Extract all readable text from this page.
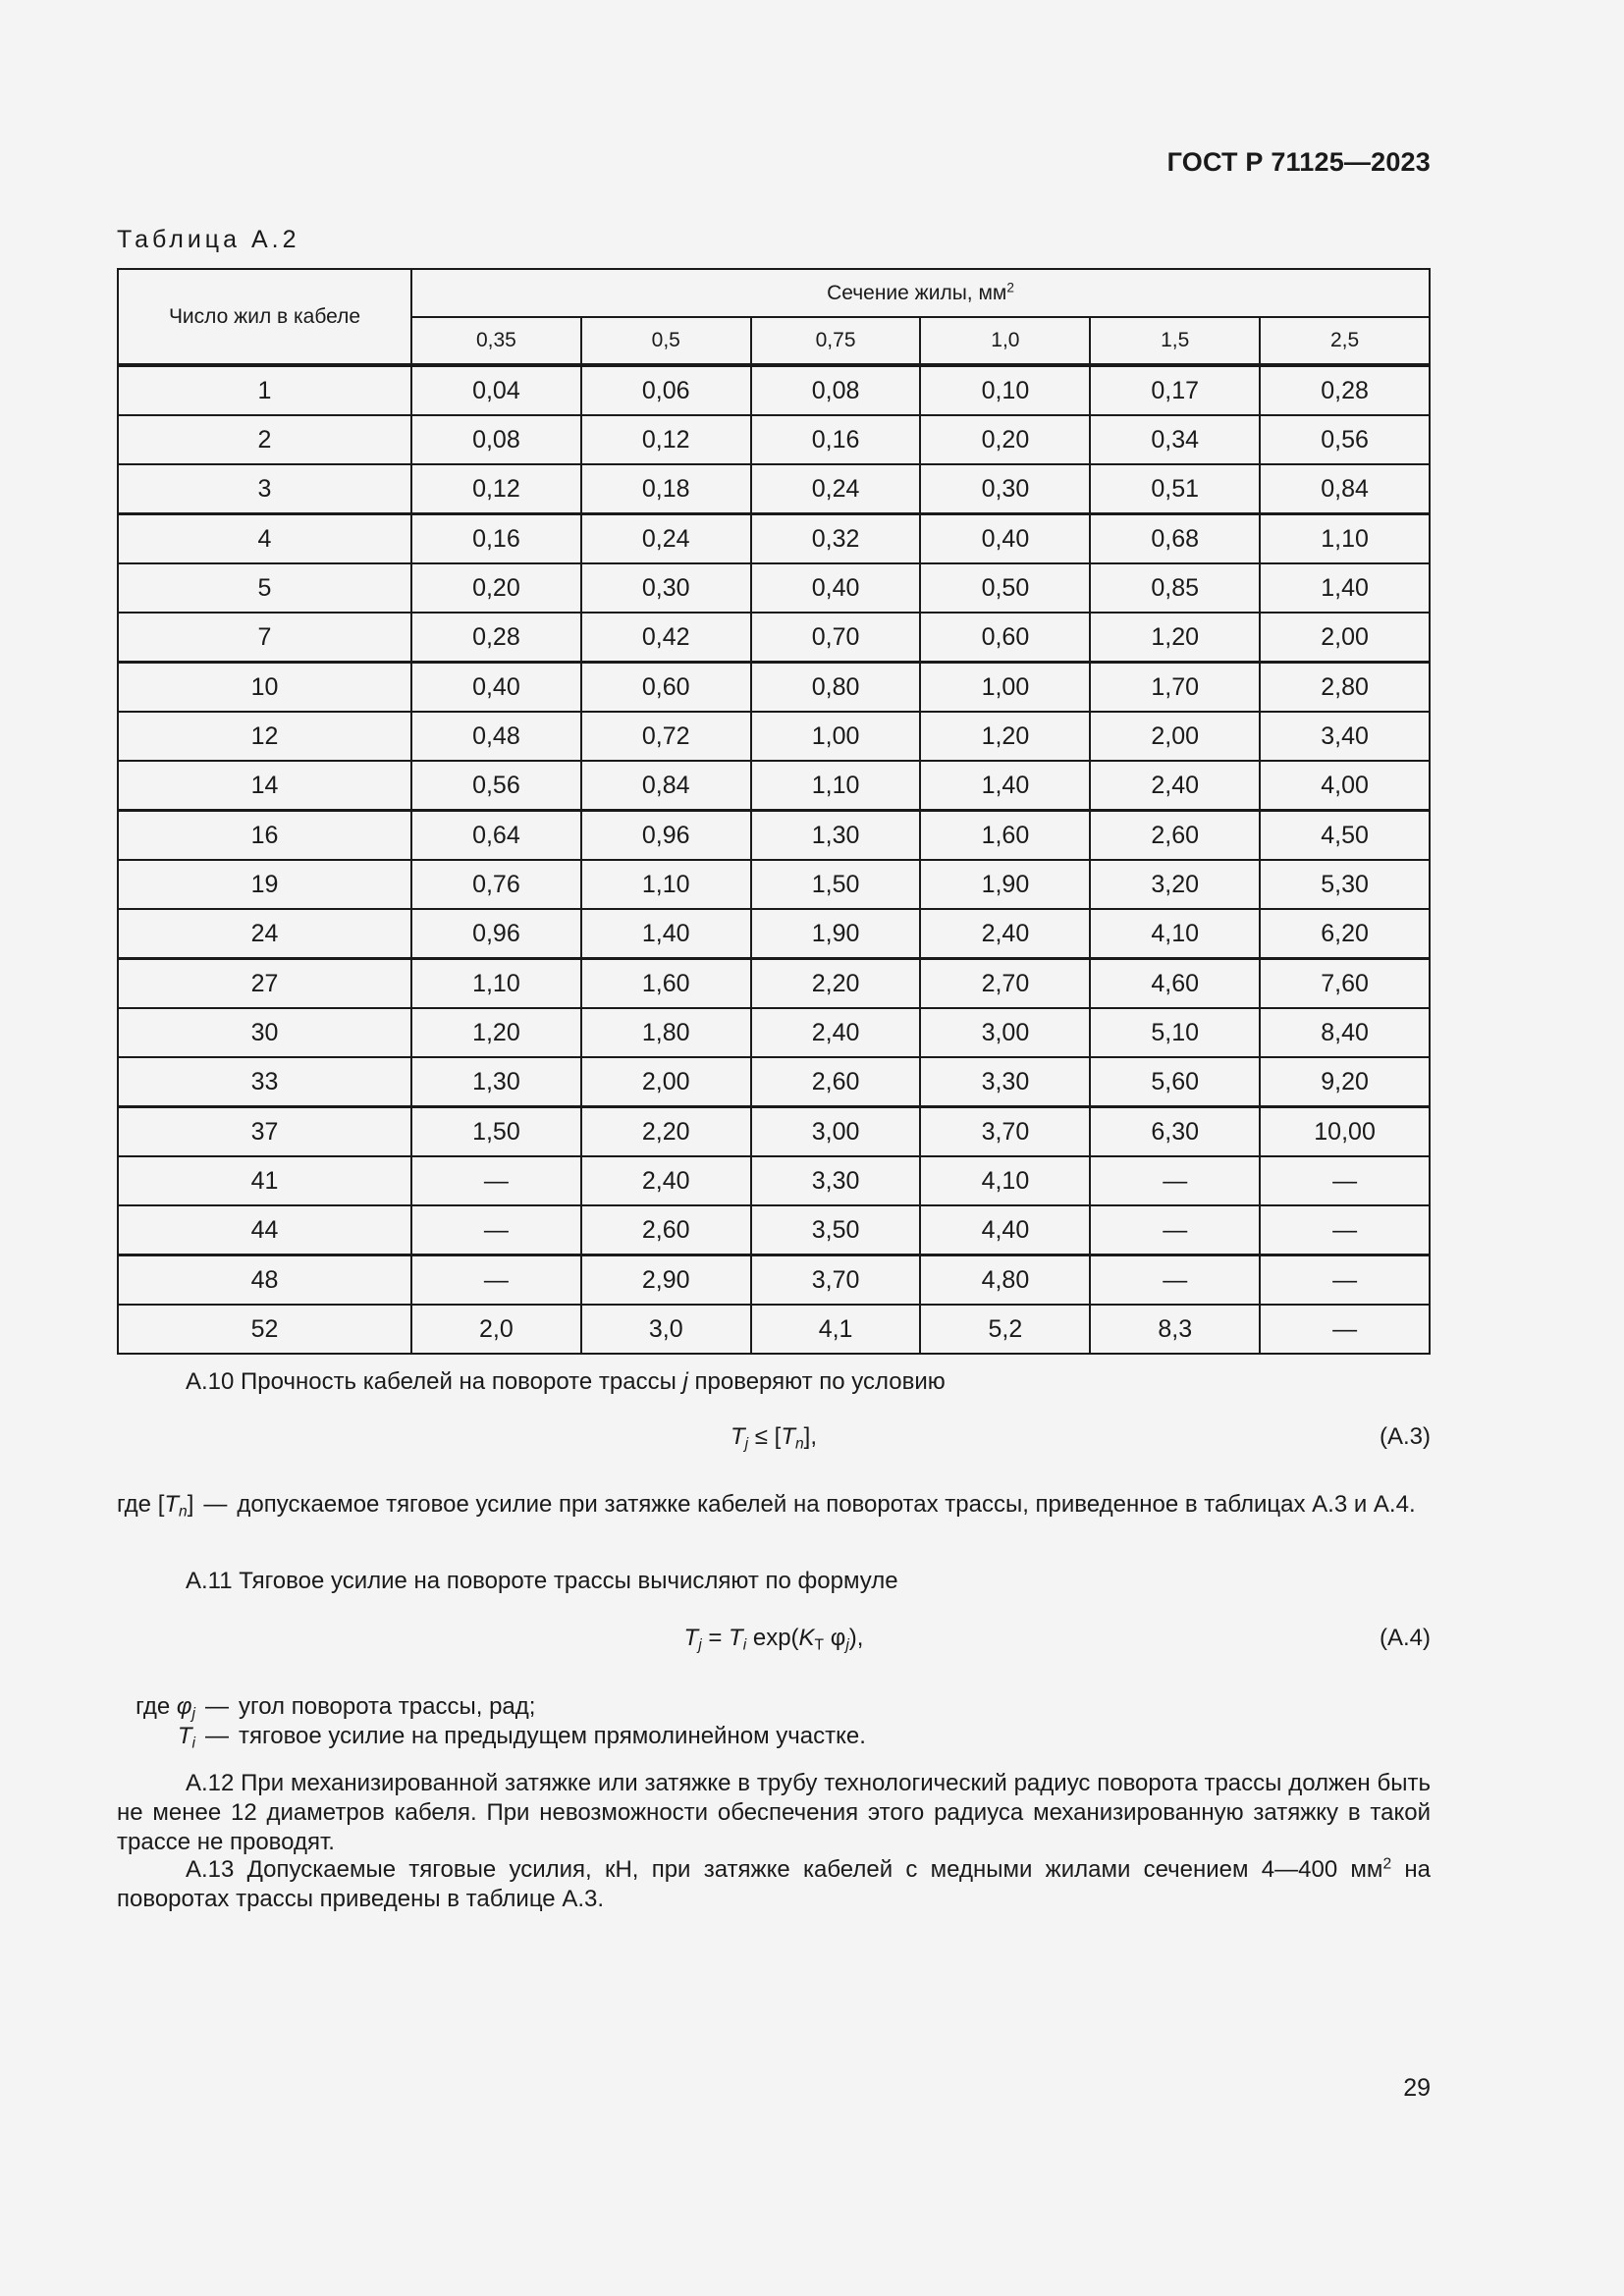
ГОСТ Р 71125—2023
Таблица А.2
Число жил в кабеле	Сечение жилы, $мм^2$
	0,35	0,5	0,75	1,0	1,5	2,5
1	0,04	0,06	0,08	0,10	0,17	0,28
2	0,08	0,12	0,16	0,20	0,34	0,56
3	0,12	0,18	0,24	0,30	0,51	0,84
4	0,16	0,24	0,32	0,40	0,68	1,10
5	0,20	0,30	0,40	0,50	0,85	1,40
7	0,28	0,42	0,70	0,60	1,20	2,00
10	0,40	0,60	0,80	1,00	1,70	2,80
12	0,48	0,72	1,00	1,20	2,00	3,40
14	0,56	0,84	1,10	1,40	2,40	4,00
16	0,64	0,96	1,30	1,60	2,60	4,50
19	0,76	1,10	1,50	1,90	3,20	5,30
24	0,96	1,40	1,90	2,40	4,10	6,20
27	1,10	1,60	2,20	2,70	4,60	7,60
30	1,20	1,80	2,40	3,00	5,10	8,40
33	1,30	2,00	2,60	3,30	5,60	9,20
37	1,50	2,20	3,00	3,70	6,30	10,00
41	—	2,40	3,30	4,10	—	—
44	—	2,60	3,50	4,40	—	—
48	—	2,90	3,70	4,80	—	—
52	2,0	3,0	4,1	5,2	8,3	—
А.10 Прочность кабелей на повороте трассы j проверяют по условию
$T_j \le [T_n]$,	(А.3)
где $[T_n]$ — допускаемое тяговое усилие при затяжке кабелей на поворотах трассы, приведенное в таблицах А.3 и А.4.
А.11 Тяговое усилие на повороте трассы вычисляют по формуле
$T_j = T_i$ $\exp(K_T$ $\varphi_j$),	(А.4)
где $\varphi_j$ — угол поворота трассы, рад;
$T_i$ — тяговое усилие на предыдущем прямолинейном участке.
А.12 При механизированной затяжке или затяжке в трубу технологический радиус поворота трассы должен быть не менее 12 диаметров кабеля. При невозможности обеспечения этого радиуса механизированную затяжку в такой трассе не проводят.
А.13 Допускаемые тяговые усилия, кН, при затяжке кабелей с медными жилами сечением 4—400 $мм^2$ на поворотах трассы приведены в таблице А.3.
29
